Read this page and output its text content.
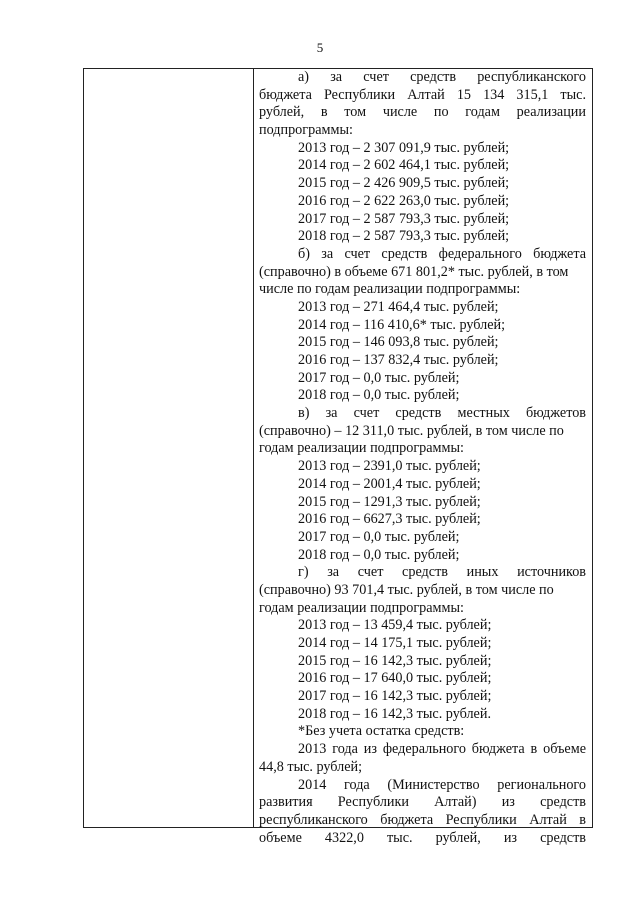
5
а) за счет средств республиканского
бюджета Республики Алтай 15 134 315,1 тыс.
рублей, в том числе по годам реализации
подпрограммы:
2013 год – 2 307 091,9 тыс. рублей;
2014 год – 2 602 464,1 тыс. рублей;
2015 год – 2 426 909,5 тыс. рублей;
2016 год – 2 622 263,0 тыс. рублей;
2017 год – 2 587 793,3 тыс. рублей;
2018 год – 2 587 793,3 тыс. рублей;
б) за счет средств федерального бюджета
(справочно) в объеме 671 801,2* тыс. рублей, в том
числе по годам реализации подпрограммы:
2013 год – 271 464,4 тыс. рублей;
2014 год – 116 410,6* тыс. рублей;
2015 год – 146 093,8 тыс. рублей;
2016 год – 137 832,4 тыс. рублей;
2017 год – 0,0 тыс. рублей;
2018 год – 0,0 тыс. рублей;
в) за счет средств местных бюджетов
(справочно) – 12 311,0 тыс. рублей, в том числе по
годам реализации подпрограммы:
2013 год – 2391,0 тыс. рублей;
2014 год – 2001,4 тыс. рублей;
2015 год – 1291,3 тыс. рублей;
2016 год – 6627,3 тыс. рублей;
2017 год – 0,0 тыс. рублей;
2018 год – 0,0 тыс. рублей;
г) за счет средств иных источников
(справочно) 93 701,4 тыс. рублей, в том числе по
годам реализации подпрограммы:
2013 год – 13 459,4 тыс. рублей;
2014 год – 14 175,1 тыс. рублей;
2015 год – 16 142,3 тыс. рублей;
2016 год – 17 640,0 тыс. рублей;
2017 год – 16 142,3 тыс. рублей;
2018 год – 16 142,3 тыс. рублей.
*Без учета остатка средств:
2013 года из федерального бюджета в объеме
44,8 тыс. рублей;
2014 года (Министерство регионального
развития Республики Алтай) из средств
республиканского бюджета Республики Алтай в
объеме 4322,0 тыс. рублей, из средств
